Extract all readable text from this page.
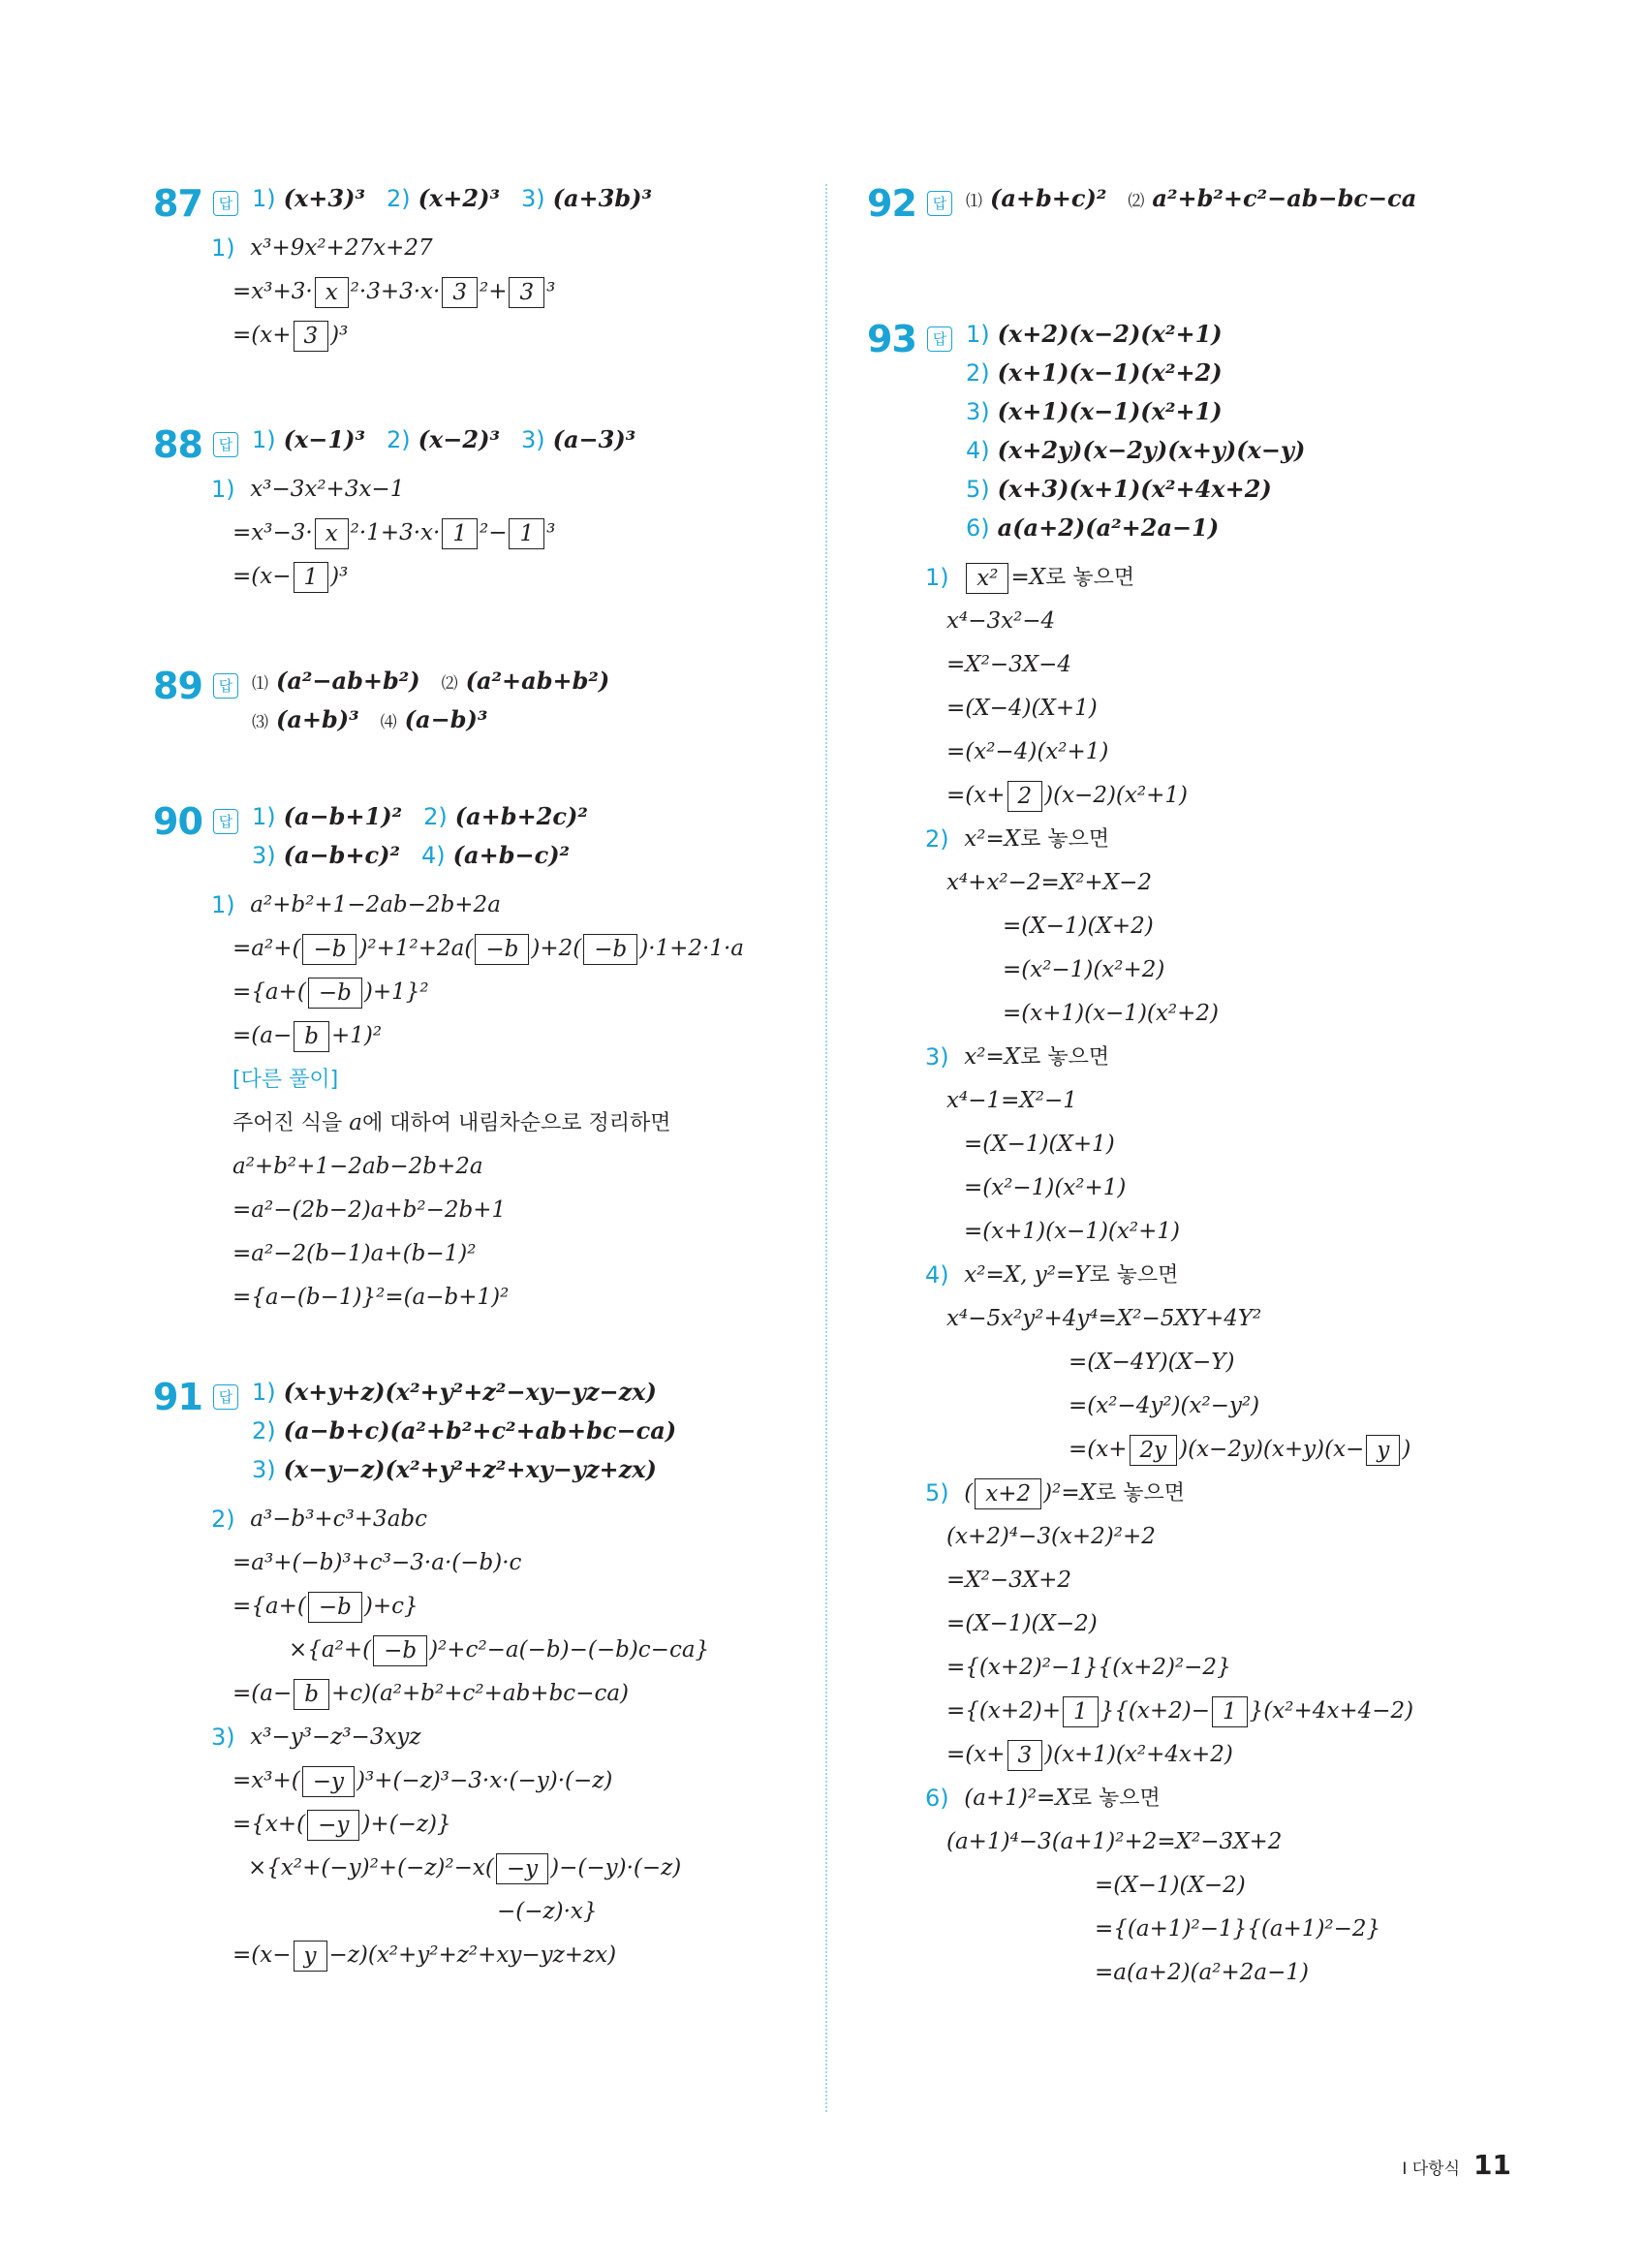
87	답 1) (x+3)³ 2) (x+2)³ 3) (a+3b)³
1) x³+9x²+27x+27
=x³+3· x ²·3+3·x· 3 ²+ 3 ³
=(x+ 3 )³
88	답 1) (x−1)³ 2) (x−2)³ 3) (a−3)³
1) x³−3x²+3x−1
=x³−3· x ²·1+3·x· 1 ²− 1 ³
=(x− 1 )³
89	답	⑴ (a²−ab+b²) ⑵ (a²+ab+b²)
⑶ (a+b)³ ⑷ (a−b)³
90	답 1) (a−b+1)² 2) (a+b+2c)²
3) (a−b+c)² 4) (a+b−c)²
1) a²+b²+1−2ab−2b+2a
=a²+( −b )²+1²+2a( −b )+2( −b )·1+2·1·a
={a+( −b )+1}²
=(a− b +1)²
[다른 풀이]
주어진 식을 a 에 대하여 내림차순으로 정리하면
a²+b²+1−2ab−2b+2a
=a²−(2b−2)a+b²−2b+1
=a²−2(b−1)a+(b−1)²
={a−(b−1)}²=(a−b+1)²
91	답 1) (x+y+z)(x²+y²+z²−xy−yz−zx)
2) (a−b+c)(a²+b²+c²+ab+bc−ca)
3) (x−y−z)(x²+y²+z²+xy−yz+zx)
2) a³−b³+c³+3abc
=a³+(−b)³+c³−3·a·(−b)·c
={a+( −b )+c}
×{a²+( −b )²+c²−a(−b)−(−b)c−ca}
=(a− b +c)(a²+b²+c²+ab+bc−ca)
3) x³−y³−z³−3xyz
=x³+( −y )³+(−z)³−3·x·(−y)·(−z)
={x+( −y )+(−z)}
×{x²+(−y)²+(−z)²−x( −y )−(−y)·(−z)
−(−z)·x}
=(x− y −z)(x²+y²+z²+xy−yz+zx)
92	답	⑴ (a+b+c)² ⑵ a²+b²+c²−ab−bc−ca
93	답 1) (x+2)(x−2)(x²+1)
2) (x+1)(x−1)(x²+2)
3) (x+1)(x−1)(x²+1)
4) (x+2y)(x−2y)(x+y)(x−y)
5) (x+3)(x+1)(x²+4x+2)
6) a(a+2)(a²+2a−1)
1) x² =X 로 놓으면
x⁴−3x²−4
=X²−3X−4
=(X−4)(X+1)
=(x²−4)(x²+1)
=(x+ 2 )(x−2)(x²+1)
2) x²=X 로 놓으면
x⁴+x²−2=X²+X−2
=(X−1)(X+2)
=(x²−1)(x²+2)
=(x+1)(x−1)(x²+2)
3) x²=X 로 놓으면
x⁴−1=X²−1
=(X−1)(X+1)
=(x²−1)(x²+1)
=(x+1)(x−1)(x²+1)
4) x²=X, y²=Y 로 놓으면
x⁴−5x²y²+4y⁴=X²−5XY+4Y²
=(X−4Y)(X−Y)
=(x²−4y²)(x²−y²)
=(x+ 2y )(x−2y)(x+y)(x− y )
5) ( x+2 )²=X 로 놓으면
(x+2)⁴−3(x+2)²+2
=X²−3X+2
=(X−1)(X−2)
={(x+2)²−1}{(x+2)²−2}
={(x+2)+ 1 }{(x+2)− 1 }(x²+4x+4−2)
=(x+ 3 )(x+1)(x²+4x+2)
6) (a+1)²=X 로 놓으면
(a+1)⁴−3(a+1)²+2=X²−3X+2
=(X−1)(X−2)
={(a+1)²−1}{(a+1)²−2}
=a(a+2)(a²+2a−1)
Ⅰ 다항식 11
